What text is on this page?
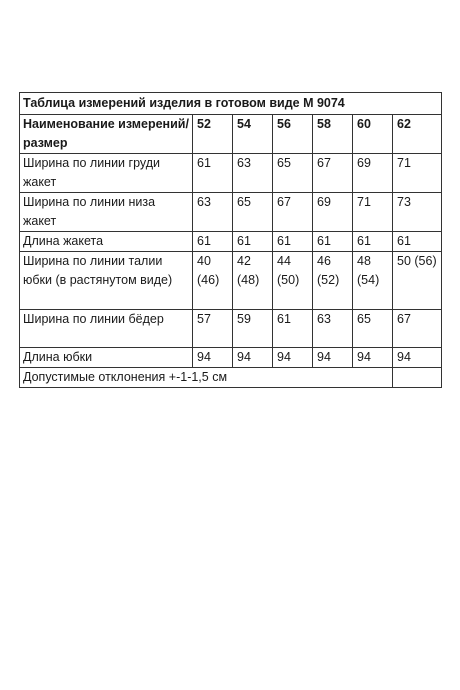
Таблица измерений изделия в готовом виде М 9074						
Наименование измерений/размер	52	54	56	58	60	62
Ширина по линии груди жакет	61	63	65	67	69	71
Ширина по линии низа жакет	63	65	67	69	71	73
Длина жакета	61	61	61	61	61	61
Ширина по линии талии юбки (в растянутом виде)	40 (46)	42 (48)	44 (50)	46 (52)	48 (54)	50 (56)
Ширина по линии бёдер	57	59	61	63	65	67
Длина юбки	94	94	94	94	94	94
Допустимые отклонения +-1-1,5 см						
